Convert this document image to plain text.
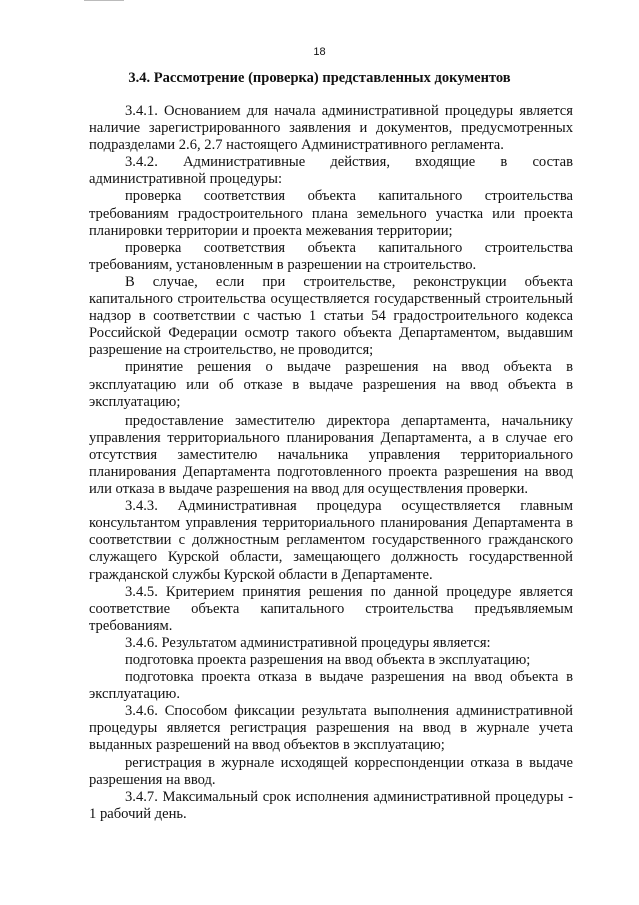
18
3.4. Рассмотрение (проверка) представленных документов

3.4.1. Основанием для начала административной процедуры является наличие зарегистрированного заявления и документов, предусмотренных подразделами 2.6, 2.7 настоящего Административного регламента.

3.4.2. Административные действия, входящие в состав административной процедуры:

проверка соответствия объекта капитального строительства требованиям градостроительного плана земельного участка или проекта планировки территории и проекта межевания территории;

проверка соответствия объекта капитального строительства требованиям, установленным в разрешении на строительство.

В случае, если при строительстве, реконструкции объекта капитального строительства осуществляется государственный строительный надзор в соответствии с частью 1 статьи 54 градостроительного кодекса Российской Федерации осмотр такого объекта Департаментом, выдавшим разрешение на строительство, не проводится;

принятие решения о выдаче разрешения на ввод объекта в эксплуатацию или об отказе в выдаче разрешения на ввод объекта в эксплуатацию;

предоставление заместителю директора департамента, начальнику управления территориального планирования Департамента, а в случае его отсутствия заместителю начальника управления территориального планирования Департамента подготовленного проекта разрешения на ввод или отказа в выдаче разрешения на ввод для осуществления проверки.

3.4.3. Административная процедура осуществляется главным консультантом управления территориального планирования Департамента в соответствии с должностным регламентом государственного гражданского служащего Курской области, замещающего должность государственной гражданской службы Курской области в Департаменте.

3.4.5. Критерием принятия решения по данной процедуре является соответствие объекта капитального строительства предъявляемым требованиям.

3.4.6. Результатом административной процедуры является:

подготовка проекта разрешения на ввод объекта в эксплуатацию;

подготовка проекта отказа в выдаче разрешения на ввод объекта в эксплуатацию.

3.4.6. Способом фиксации результата выполнения административной процедуры является регистрация разрешения на ввод в журнале учета выданных разрешений на ввод объектов в эксплуатацию;

регистрация в журнале исходящей корреспонденции отказа в выдаче разрешения на ввод.

3.4.7. Максимальный срок исполнения административной процедуры - 1 рабочий день.
